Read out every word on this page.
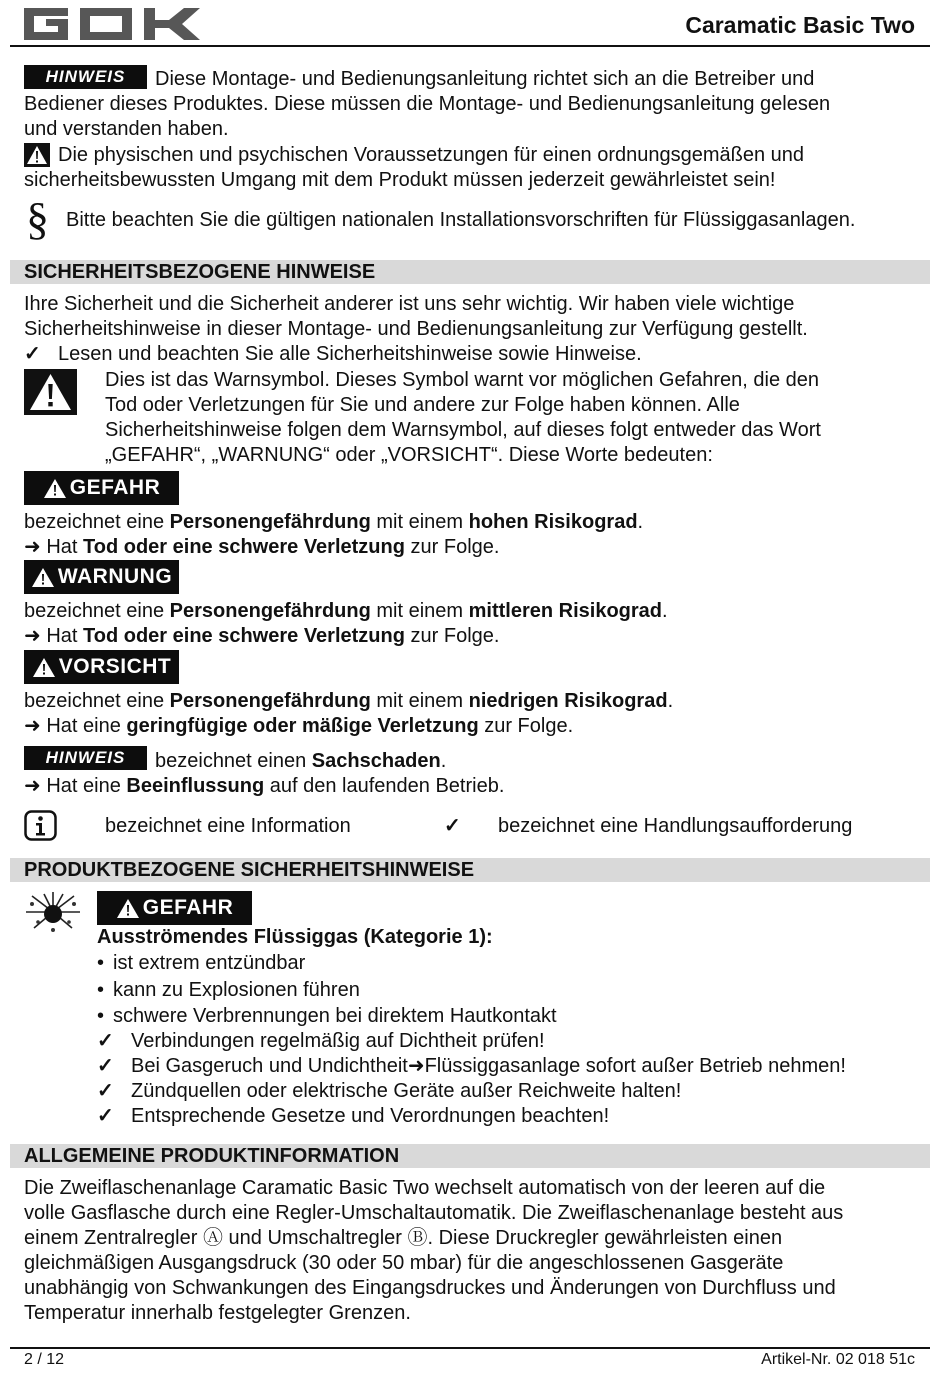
Caramatic Basic Two
HINWEIS	Diese Montage- und Bedienungsanleitung richtet sich an die Betreiber und
Bediener dieses Produktes. Diese müssen die Montage- und Bedienungsanleitung gelesen
und verstanden haben.
Die physischen und psychischen Voraussetzungen für einen ordnungsgemäßen und
sicherheitsbewussten Umgang mit dem Produkt müssen jederzeit gewährleistet sein!
§ Bitte beachten Sie die gültigen nationalen Installationsvorschriften für Flüssiggasanlagen.
SICHERHEITSBEZOGENE HINWEISE
Ihre Sicherheit und die Sicherheit anderer ist uns sehr wichtig. Wir haben viele wichtige
Sicherheitshinweise in dieser Montage- und Bedienungsanleitung zur Verfügung gestellt.
✓ Lesen und beachten Sie alle Sicherheitshinweise sowie Hinweise.
Dies ist das Warnsymbol. Dieses Symbol warnt vor möglichen Gefahren, die den
Tod oder Verletzungen für Sie und andere zur Folge haben können. Alle
Sicherheitshinweise folgen dem Warnsymbol, auf dieses folgt entweder das Wort
„GEFAHR“, „WARNUNG“ oder „VORSICHT“. Diese Worte bedeuten:
GEFAHR
bezeichnet eine Personengefährdung mit einem hohen Risikograd.
➜ Hat Tod oder eine schwere Verletzung zur Folge.
WARNUNG
bezeichnet eine Personengefährdung mit einem mittleren Risikograd.
➜ Hat Tod oder eine schwere Verletzung zur Folge.
VORSICHT
bezeichnet eine Personengefährdung mit einem niedrigen Risikograd.
➜ Hat eine geringfügige oder mäßige Verletzung zur Folge.
HINWEIS	bezeichnet einen Sachschaden.
➜ Hat eine Beeinflussung auf den laufenden Betrieb.
bezeichnet eine Information	✓ bezeichnet eine Handlungsaufforderung
PRODUKTBEZOGENE SICHERHEITSHINWEISE
GEFAHR
Ausströmendes Flüssiggas (Kategorie 1):
• ist extrem entzündbar
• kann zu Explosionen führen
• schwere Verbrennungen bei direktem Hautkontakt
✓ Verbindungen regelmäßig auf Dichtheit prüfen!
✓ Bei Gasgeruch und Undichtheit➜Flüssiggasanlage sofort außer Betrieb nehmen!
✓ Zündquellen oder elektrische Geräte außer Reichweite halten!
✓ Entsprechende Gesetze und Verordnungen beachten!
ALLGEMEINE PRODUKTINFORMATION
Die Zweiflaschenanlage Caramatic Basic Two wechselt automatisch von der leeren auf die
volle Gasflasche durch eine Regler-Umschaltautomatik. Die Zweiflaschenanlage besteht aus
einem Zentralregler Ⓐ und Umschaltregler Ⓑ. Diese Druckregler gewährleisten einen
gleichmäßigen Ausgangsdruck (30 oder 50 mbar) für die angeschlossenen Gasgeräte
unabhängig von Schwankungen des Eingangsdruckes und Änderungen von Durchfluss und
Temperatur innerhalb festgelegter Grenzen.
2 / 12	Artikel-Nr. 02 018 51c
